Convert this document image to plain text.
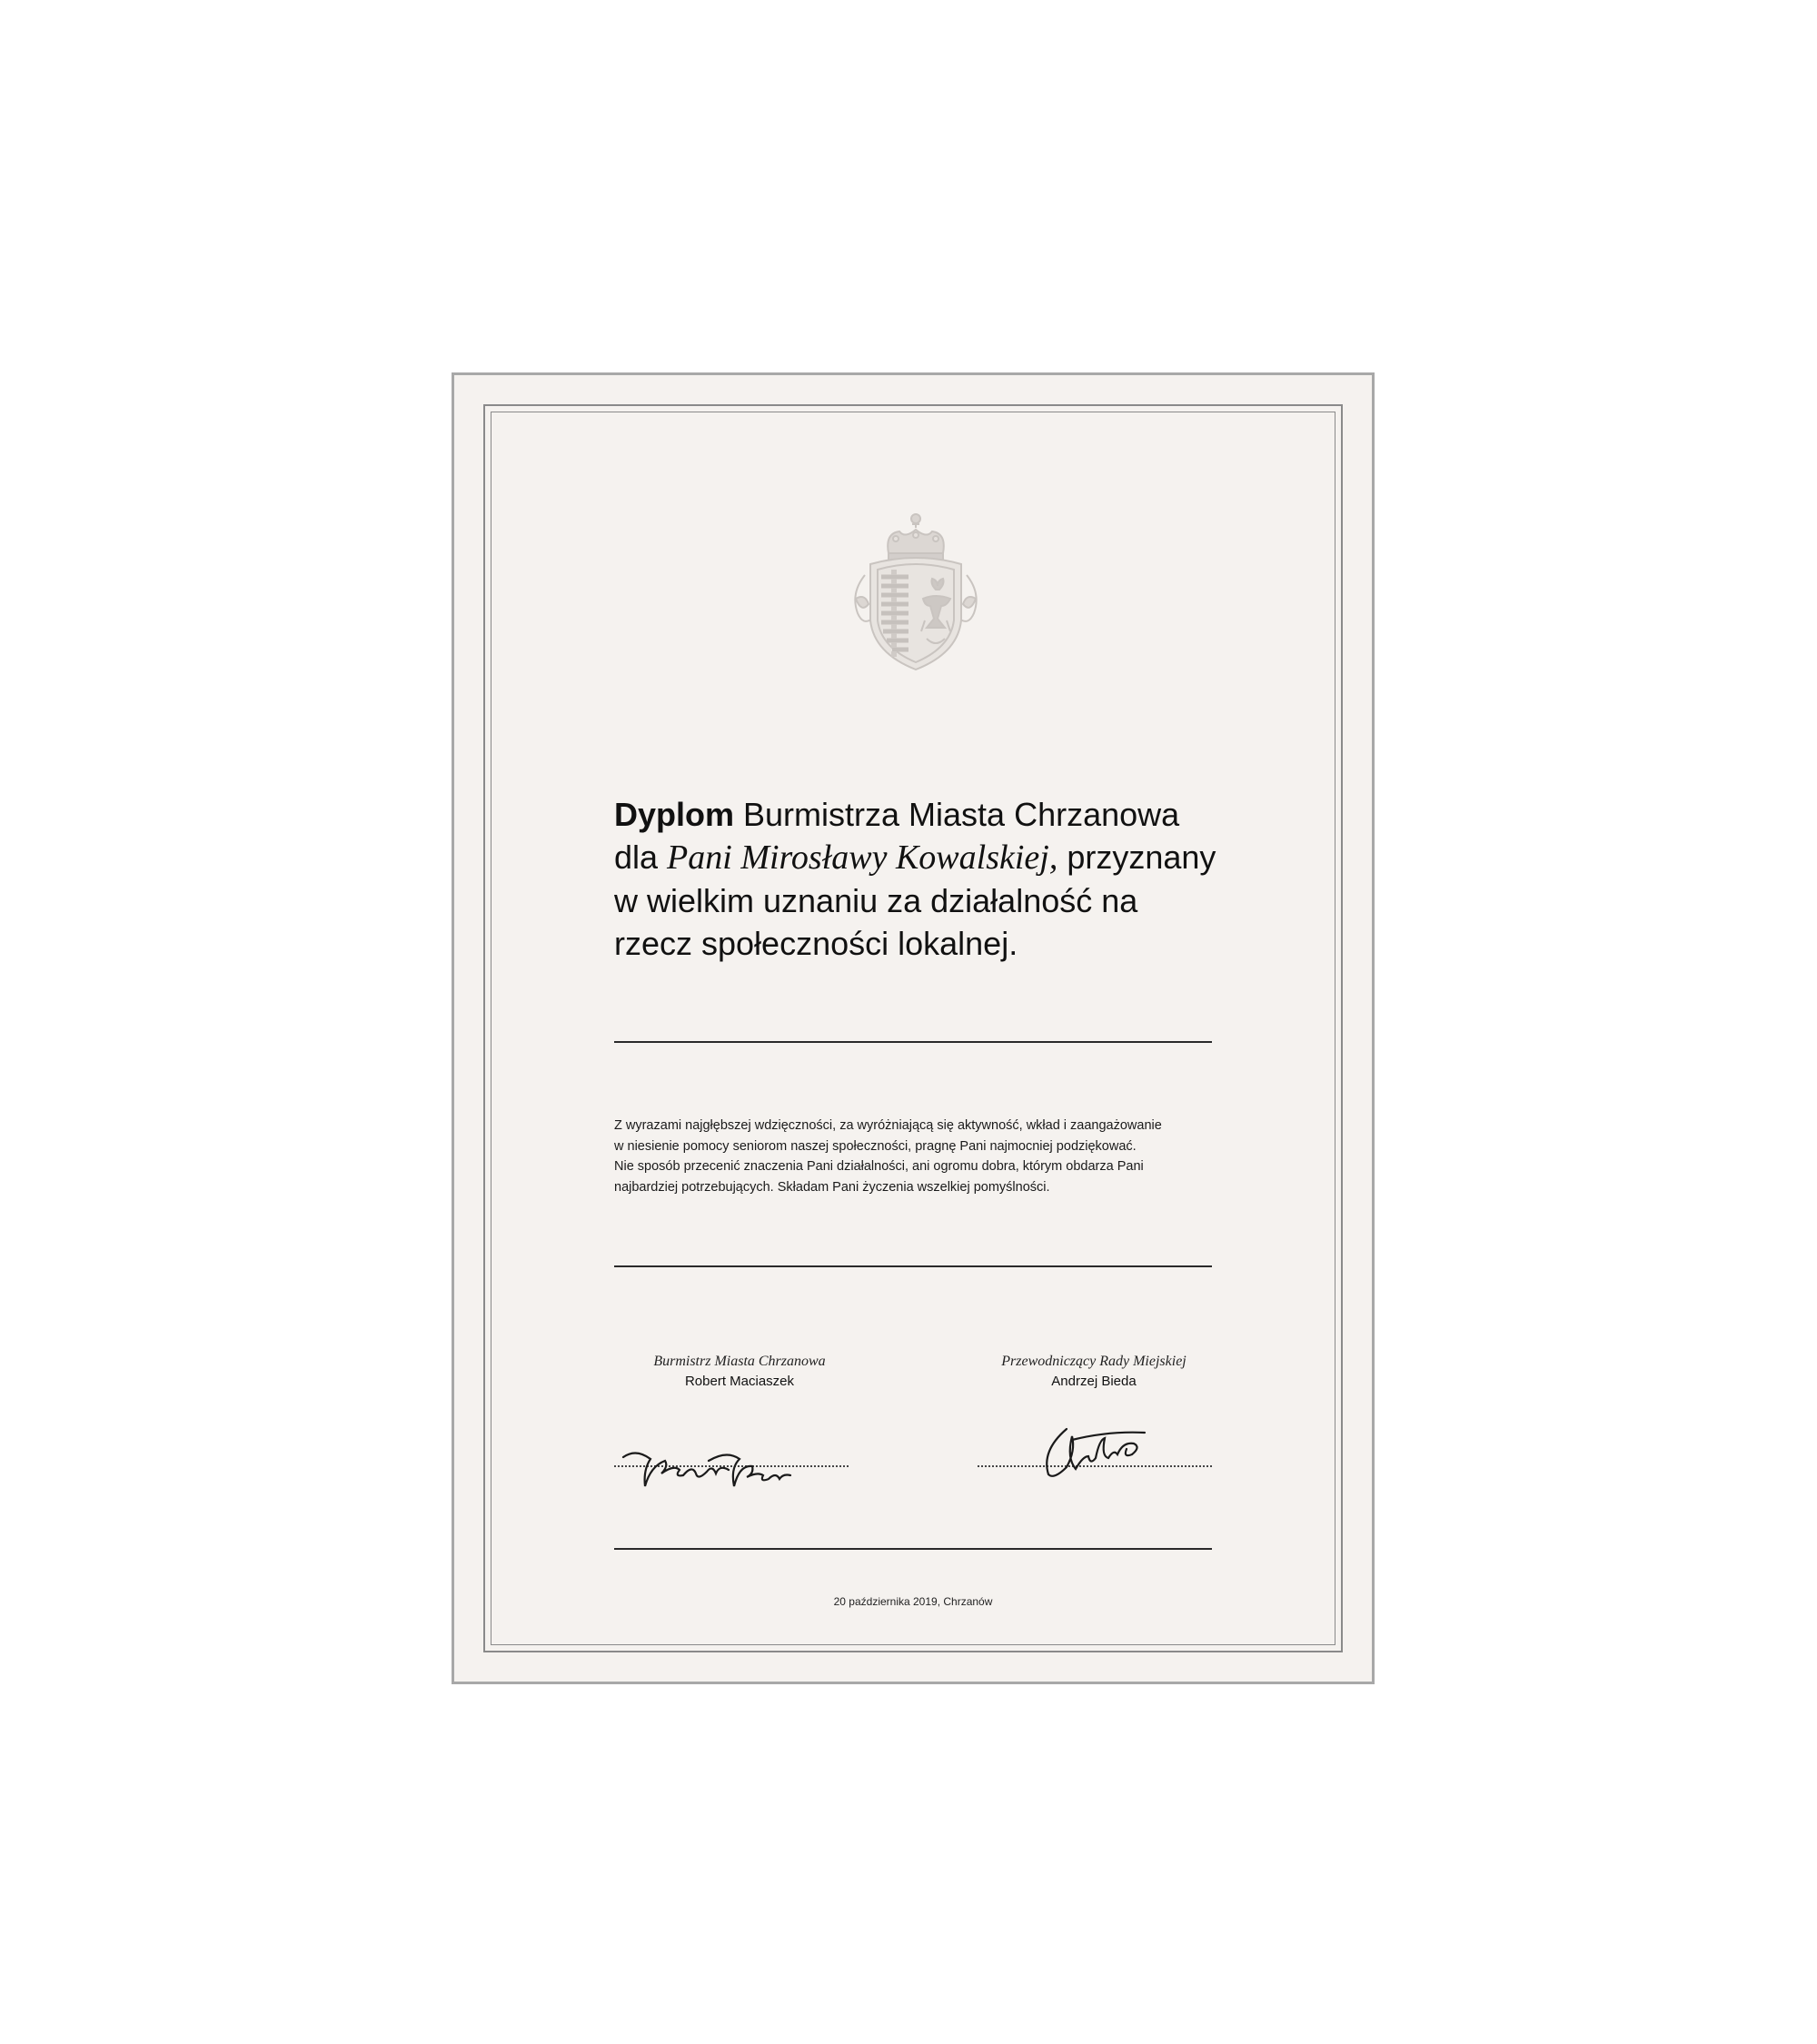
Dyplom Burmistrza Miasta Chrzanowa
dla Pani Mirosławy Kowalskiej, przyznany
w wielkim uznaniu za działalność na
rzecz społeczności lokalnej.
Z wyrazami najgłębszej wdzięczności, za wyróżniającą się aktywność, wkład i zaangażowanie
w niesienie pomocy seniorom naszej społeczności, pragnę Pani najmocniej podziękować.
Nie sposób przecenić znaczenia Pani działalności, ani ogromu dobra, którym obdarza Pani
najbardziej potrzebujących. Składam Pani życzenia wszelkiej pomyślności.
Burmistrz Miasta Chrzanowa
Robert Maciaszek
Przewodniczący Rady Miejskiej
Andrzej Bieda
20 października 2019, Chrzanów
